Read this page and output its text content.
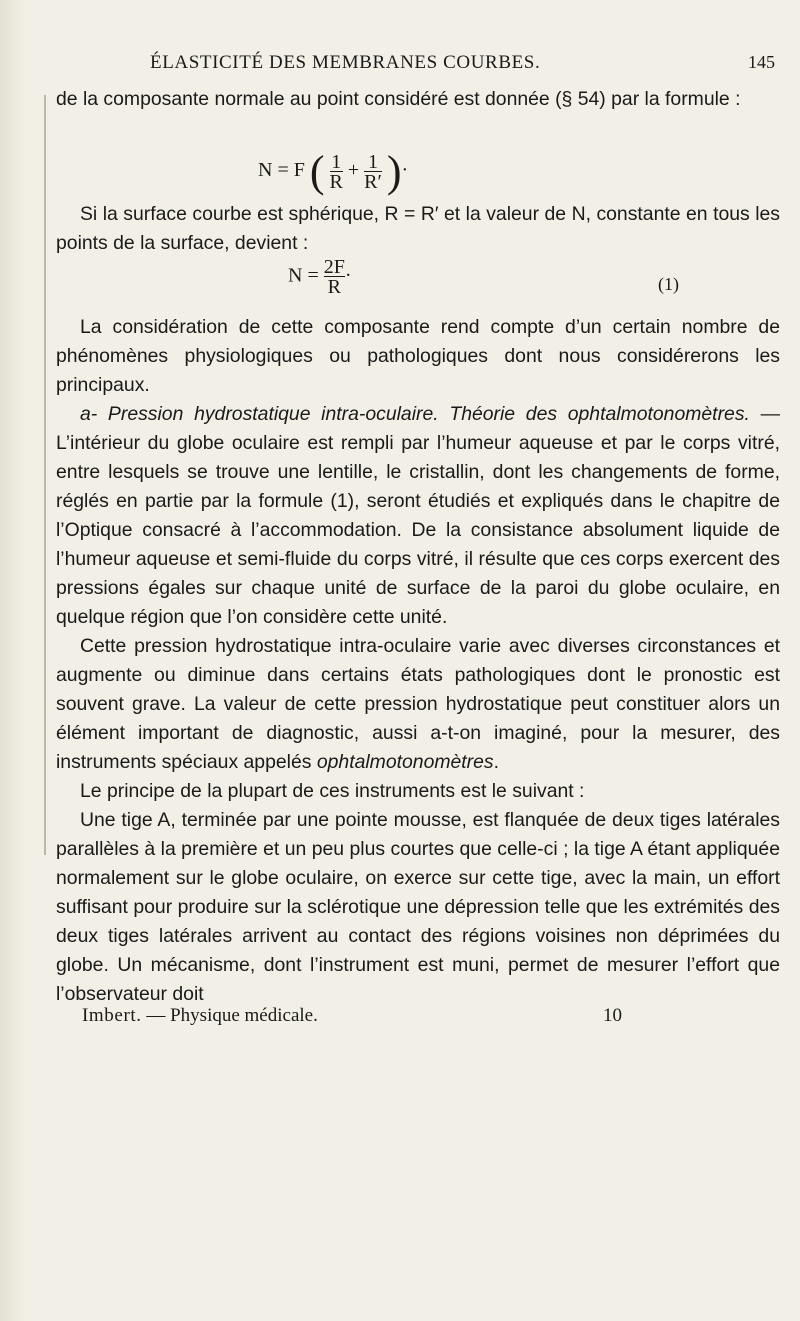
ÉLASTICITÉ DES MEMBRANES COURBES.	145

de la composante normale au point considéré est donnée (§ 54) par la formule :

N = F ( $\frac{1}{R} + \frac{1}{R'}$ )·

Si la surface courbe est sphérique, R = R′ et la valeur de N, constante en tous les points de la surface, devient :

$N = \frac{2F}{R}$ ·	(1)

La considération de cette composante rend compte d’un certain nombre de phénomènes physiologiques ou pathologiques dont nous considérerons les principaux.

a- Pression hydrostatique intra-oculaire. Théorie des ophtalmotonomètres. — L’intérieur du globe oculaire est rempli par l’humeur aqueuse et par le corps vitré, entre lesquels se trouve une lentille, le cristallin, dont les changements de forme, réglés en partie par la formule (1), seront étudiés et expliqués dans le chapitre de l’Optique consacré à l’accommodation. De la consistance absolument liquide de l’humeur aqueuse et semi-fluide du corps vitré, il résulte que ces corps exercent des pressions égales sur chaque unité de surface de la paroi du globe oculaire, en quelque région que l’on considère cette unité.

Cette pression hydrostatique intra-oculaire varie avec diverses circonstances et augmente ou diminue dans certains états pathologiques dont le pronostic est souvent grave. La valeur de cette pression hydrostatique peut constituer alors un élément important de diagnostic, aussi a-t-on imaginé, pour la mesurer, des instruments spéciaux appelés ophtalmotonomètres.

Le principe de la plupart de ces instruments est le suivant :

Une tige A, terminée par une pointe mousse, est flanquée de deux tiges latérales parallèles à la première et un peu plus courtes que celle-ci ; la tige A étant appliquée normalement sur le globe oculaire, on exerce sur cette tige, avec la main, un effort suffisant pour produire sur la sclérotique une dépression telle que les extrémités des deux tiges latérales arrivent au contact des régions voisines non déprimées du globe. Un mécanisme, dont l’instrument est muni, permet de mesurer l’effort que l’observateur doit

Imbert. — Physique médicale.	10
